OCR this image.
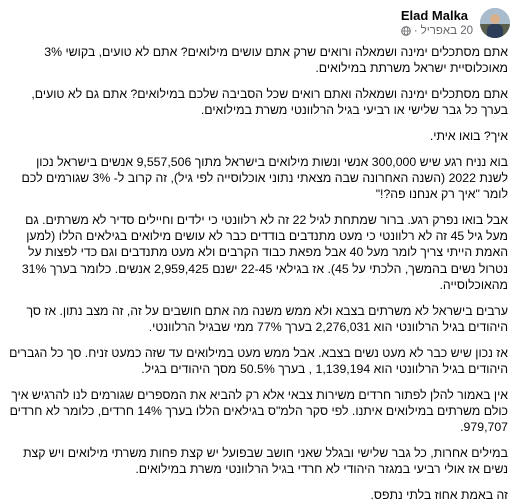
Elad Malka
20 באפריל
·

אתם מסתכלים ימינה ושמאלה ורואים שרק אתם עושים מילואים? אתם לא טועים, בקושי 3% מאוכלוסיית ישראל משרתת במילואים.

אתם מסתכלים ימינה ושמאלה ואתם רואים שכל הסביבה שלכם במילואים? אתם גם לא טועים, בערך כל גבר שלישי או רביעי בגיל הרלוונטי משרת במילואים.

איך? בואו איתי.

בוא נניח רגע שיש 300,000 אנשי ונשות מילואים בישראל מתוך 9,557,506 אנשים בישראל נכון לשנת 2022 (השנה האחרונה שבה מצאתי נתוני אוכלוסייה לפי גיל), זה קרוב ל- 3% שגורמים לכם לומר "איך רק אנחנו פה?!"

אבל בואו נפרק רגע. ברור שמתחת לגיל 22 זה לא רלוונטי כי ילדים וחיילים סדיר לא משרתים. גם מעל גיל 45 זה לא רלוונטי כי מעט מתנדבים בודדים כבר לא עושים מילואים בגילאים הללו (למען האמת הייתי צריך לומר מעל 40 אבל מפאת כבוד הקרבים ולא מעט מתנדבים וגם כדי לפצות על נטרול נשים בהמשך, הלכתי על 45). אז בגילאי 22-45 ישנם 2,959,425 אנשים. כלומר בערך 31% מהאוכלוסייה.

ערבים בישראל לא משרתים בצבא ולא ממש משנה מה אתם חושבים על זה, זה מצב נתון. אז סך היהודים בגיל הרלוונטי הוא 2,276,031 בערך 77% ממי שבגיל הרלוונטי.

אז נכון שיש כבר לא מעט נשים בצבא. אבל ממש מעט במילואים עד שזה כמעט זניח. סך כל הגברים היהודים בגיל הרלוונטי הוא 1,139,194 , בערך 50.5% מסך היהודים בגיל.

אין באמור להלן לפתור חרדים משירות צבאי אלא רק להביא את המספרים שגורמים לנו להרגיש איך כולם משרתים במילואים איתנו. לפי סקר הלמ"ס בגילאים הללו בערך 14% חרדים, כלומר לא חרדים 979,707.

במילים אחרות, כל גבר שלישי ובגלל שאני חושב שבפועל יש קצת פחות משרתי מילואים ויש קצת נשים אז אולי רביעי במגזר היהודי לא חרדי בגיל הרלוונטי משרת במילואים.

זה באמת אחוז בלתי נתפס.
